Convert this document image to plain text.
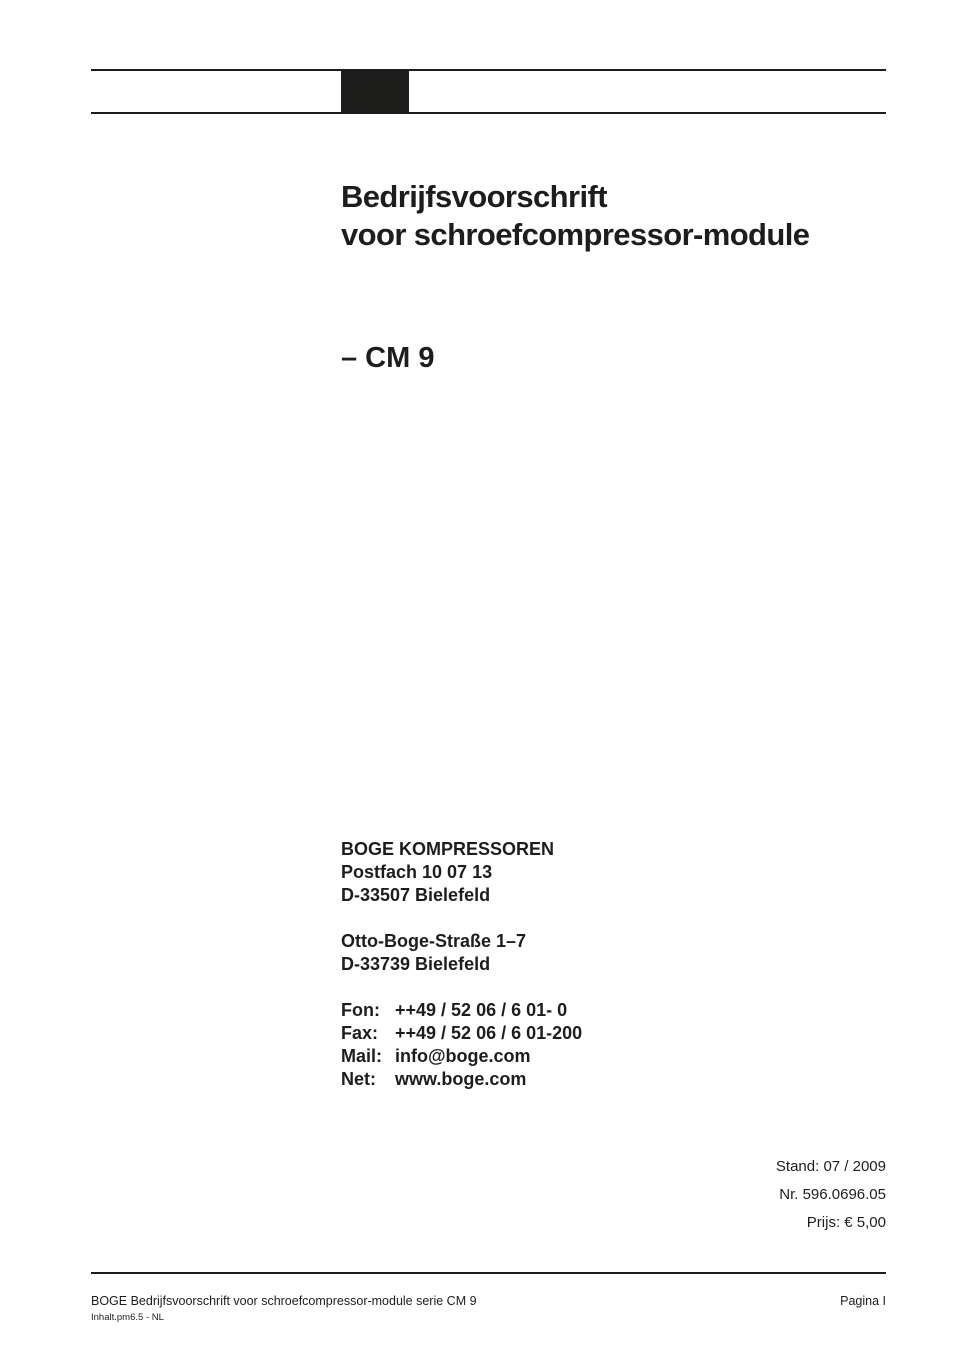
Bedrijfsvoorschrift
voor schroefcompressor-module
– CM 9
BOGE KOMPRESSOREN
Postfach 10 07 13
D-33507 Bielefeld
Otto-Boge-Straße 1–7
D-33739 Bielefeld
Fon: ++49 / 52 06 / 6 01- 0
Fax: ++49 / 52 06 / 6 01-200
Mail: info@boge.com
Net: www.boge.com
Stand: 07 / 2009
Nr. 596.0696.05
Prijs: € 5,00
BOGE Bedrijfsvoorschrift voor schroefcompressor-module serie CM 9
Inhalt.pm6.5 - NL
Pagina I
